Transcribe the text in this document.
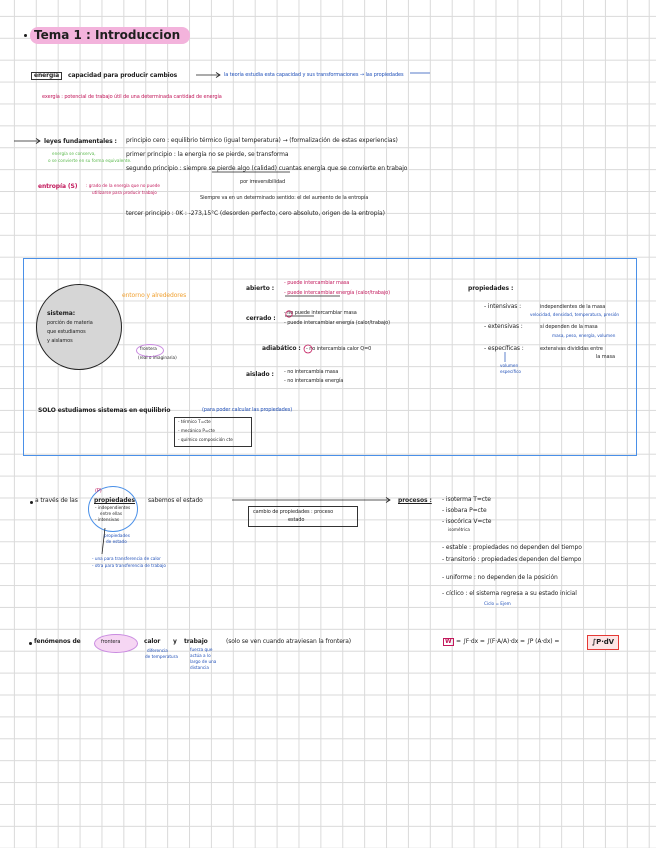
Tema 1 : Introduccion
energía	capacidad para producir cambios	la teoría estudia esta capacidad y sus transformaciones → las propiedades
exergía : potencial de trabajo útil de una determinada cantidad de energía
leyes fundamentales : principio cero : equilibrio térmico (igual temperatura) → (formalización de estas experiencias)
primer principio : la energía no se pierde, se transforma
segundo principio : siempre se pierde algo (calidad) cuantas energía que se convierte en trabajo
por irreversibilidad
Siempre va en un determinado sentido: el del aumento de la entropía
tercer principio : 0K : -273,15°C (desorden perfecto, cero absoluto, origen de la entropía)
energía se conserva,
o se convierte en su forma equivalente.
entropía (S) : grado de la energía que no puede
utilizarse para producir trabajo
sistema:
porción de materia
que estudiamos
y aislamos
entorno y alrededores
frontera
(real o imaginaria)
abierto :
- puede intercambiar masa
- puede intercambiar energía (calor/trabajo)
cerrado :
- no puede intercambiar masa
- puede intercambiar energía (calor/trabajo)
adiabático : - no intercambia calor Q=0
aislado : - no intercambia masa
- no intercambia energía
propiedades :
- intensivas :	independientes de la masa
velocidad, densidad, temperatura, presión
- extensivas :	sí dependen de la masa
masa, peso, energía, volumen
- específicas :	extensivas divididas entre
la masa
volumen
específico
SOLO estudiamos sistemas en equilibrio	(para poder calcular las propiedades)
- térmico T=cte
- mecánico P=cte
- químico composición cte
a través de las	propiedades sabemos el estado
(P)
- independientes
entre ellas
- intensivas
propiedades
de estado
- una para transferencia de calor
- otra para transferencia de trabajo
cambio de propiedades : proceso
estado
procesos : - isoterma T=cte
- isobara P=cte
- isocórica V=cte
isométrica
- estable : propiedades no dependen del tiempo
- transitorio : propiedades dependen del tiempo
- uniforme : no dependen de la posición
- cíclico : el sistema regresa a su estado inicial
Ciclo = Ejem
fenómenos de	frontera	calor y trabajo	(solo se ven cuando atraviesan la frontera)
diferencia
de temperatura
fuerza que
actúa a lo
largo de una
distancia
W = ∫F·dx = ∫(F·A/A)·dx = ∫P (A·dx) =	∫P·dV
